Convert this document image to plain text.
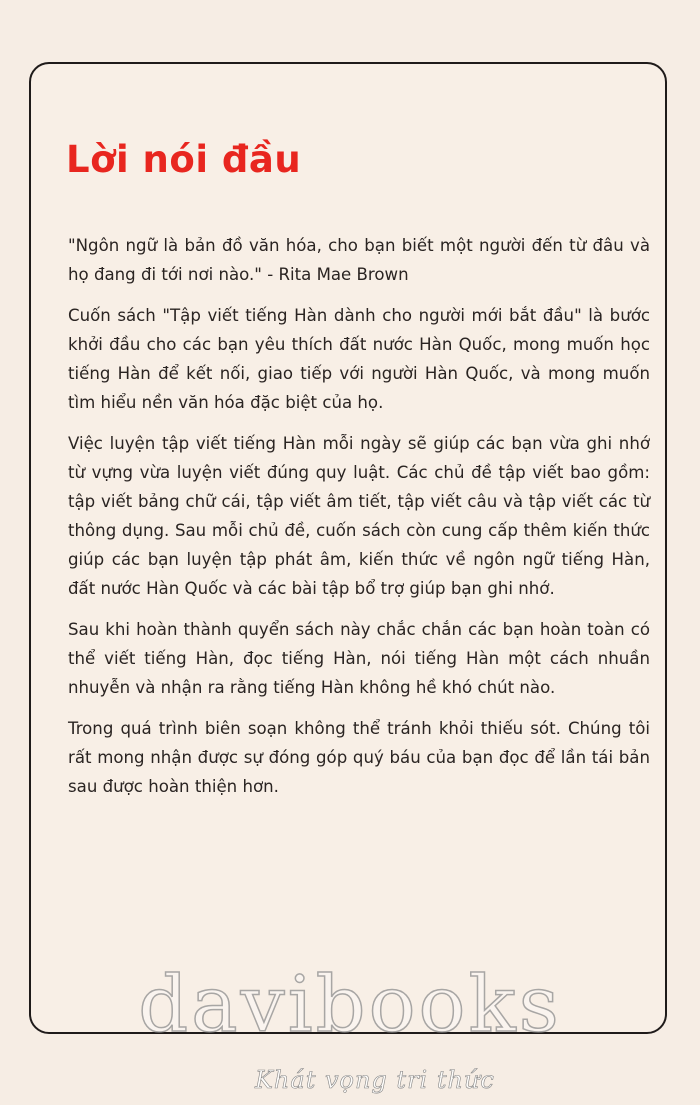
Lời nói đầu

"Ngôn ngữ là bản đồ văn hóa, cho bạn biết một người đến từ đâu và họ đang đi tới nơi nào." - Rita Mae Brown

Cuốn sách "Tập viết tiếng Hàn dành cho người mới bắt đầu" là bước khởi đầu cho các bạn yêu thích đất nước Hàn Quốc, mong muốn học tiếng Hàn để kết nối, giao tiếp với người Hàn Quốc, và mong muốn tìm hiểu nền văn hóa đặc biệt của họ.

Việc luyện tập viết tiếng Hàn mỗi ngày sẽ giúp các bạn vừa ghi nhớ từ vựng vừa luyện viết đúng quy luật. Các chủ đề tập viết bao gồm: tập viết bảng chữ cái, tập viết âm tiết, tập viết câu và tập viết các từ thông dụng. Sau mỗi chủ đề, cuốn sách còn cung cấp thêm kiến thức giúp các bạn luyện tập phát âm, kiến thức về ngôn ngữ tiếng Hàn, đất nước Hàn Quốc và các bài tập bổ trợ giúp bạn ghi nhớ.

Sau khi hoàn thành quyển sách này chắc chắn các bạn hoàn toàn có thể viết tiếng Hàn, đọc tiếng Hàn, nói tiếng Hàn một cách nhuần nhuyễn và nhận ra rằng tiếng Hàn không hề khó chút nào.

Trong quá trình biên soạn không thể tránh khỏi thiếu sót. Chúng tôi rất mong nhận được sự đóng góp quý báu của bạn đọc để lần tái bản sau được hoàn thiện hơn.

davibooks
Khát vọng tri thức
